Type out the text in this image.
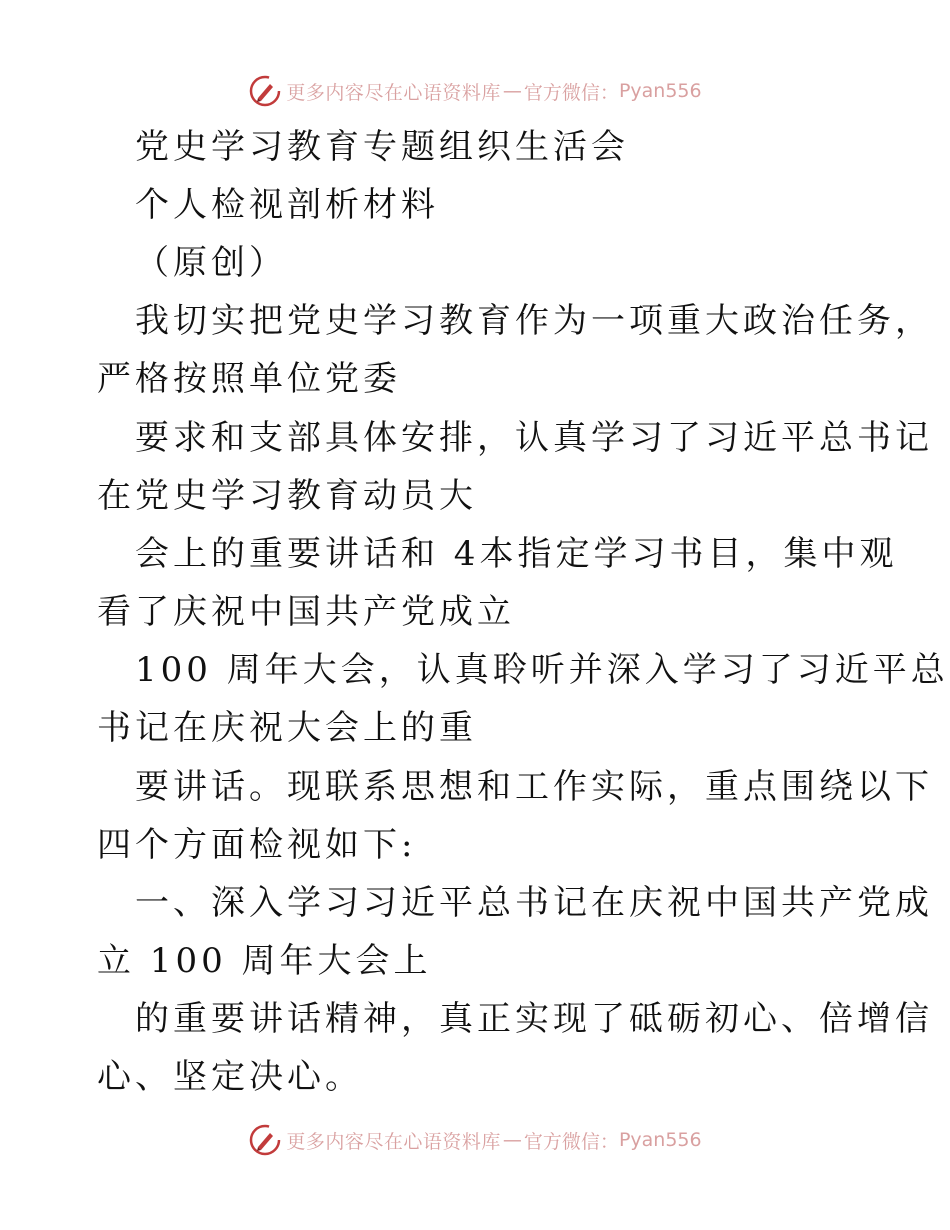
更多内容尽在心语资料库 — 官方微信： Pyan556
党史学习教育专题组织生活会
个人检视剖析材料
（原创）
我切实把党史学习教育作为一项重大政治任务，
严格按照单位党委
要求和支部具体安排，认真学习了习近平总书记
在党史学习教育动员大
会上的重要讲话和 4本指定学习书目，集中观
看了庆祝中国共产党成立
100 周年大会，认真聆听并深入学习了习近平总
书记在庆祝大会上的重
要讲话。现联系思想和工作实际，重点围绕以下
四个方面检视如下:
一、深入学习习近平总书记在庆祝中国共产党成
立 100 周年大会上
的重要讲话精神，真正实现了砥砺初心、倍增信
心、坚定决心。
更多内容尽在心语资料库 — 官方微信： Pyan556
